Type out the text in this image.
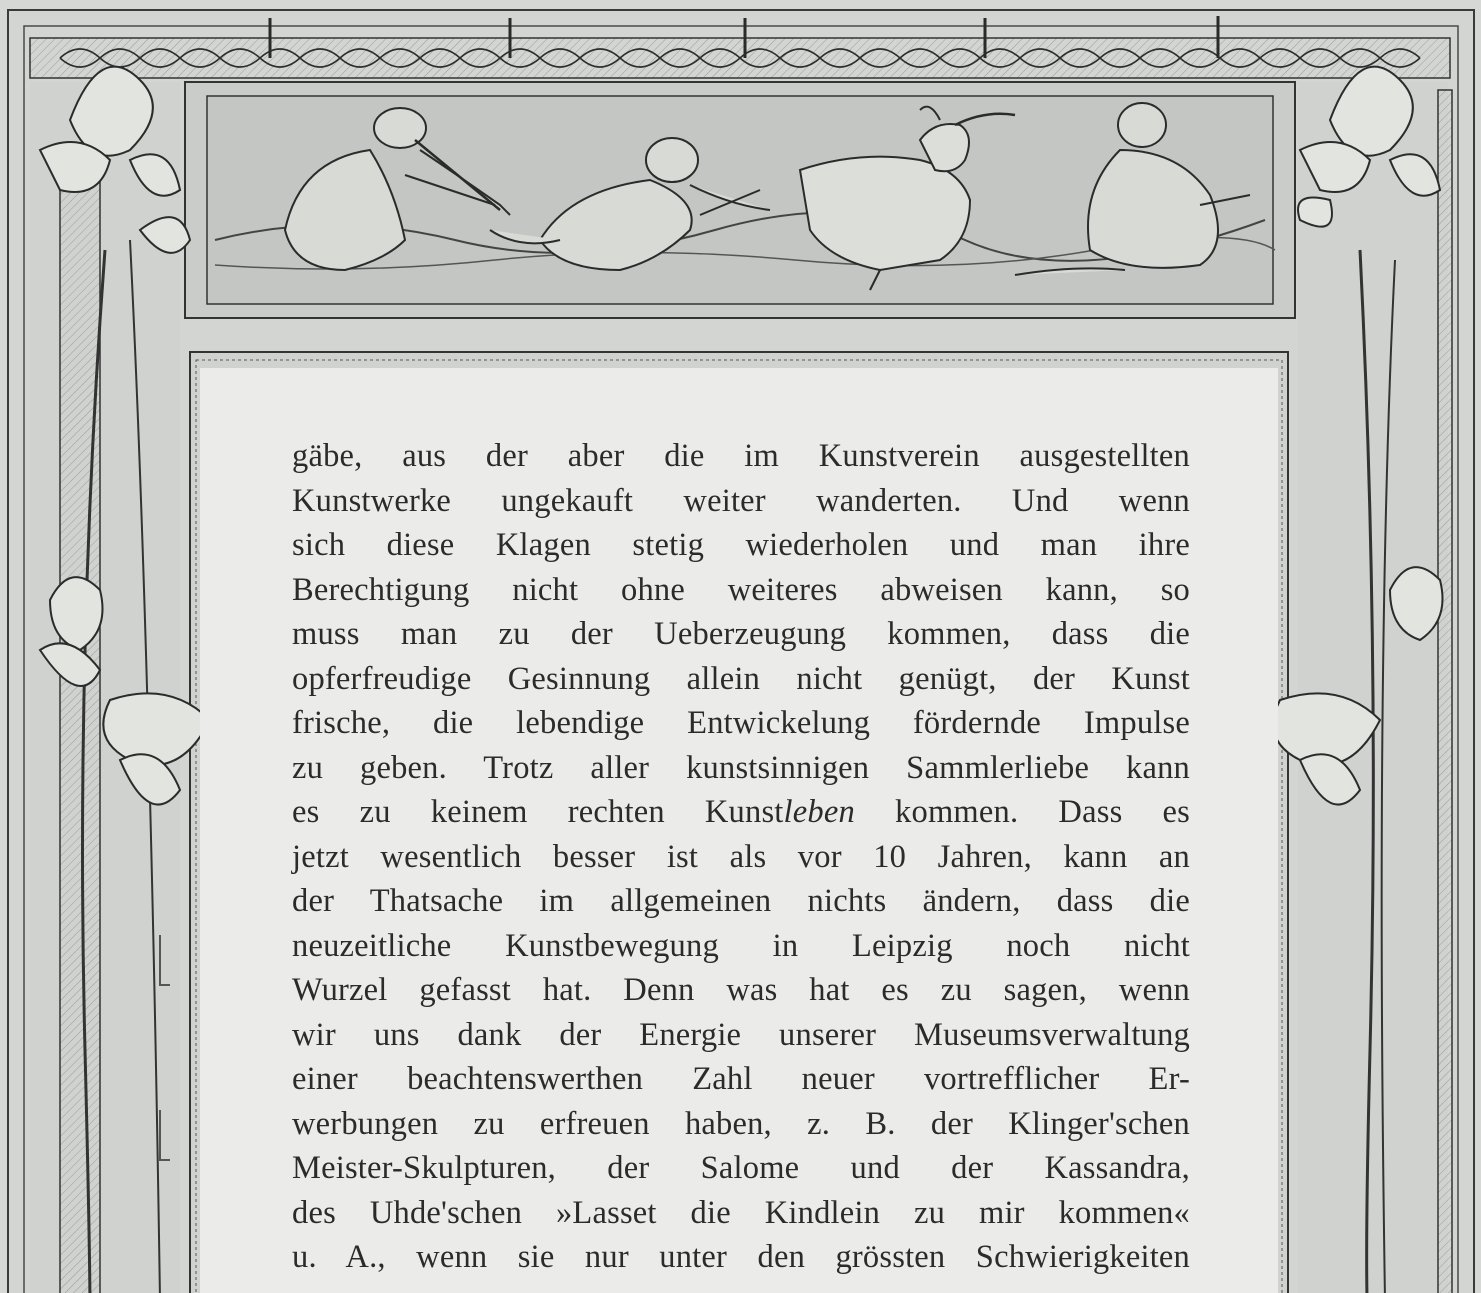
gäbe, aus der aber die im Kunstverein ausgestellten
Kunstwerke ungekauft weiter wanderten. Und wenn
sich diese Klagen stetig wiederholen und man ihre
Berechtigung nicht ohne weiteres abweisen kann, so
muss man zu der Ueberzeugung kommen, dass die
opferfreudige Gesinnung allein nicht genügt, der Kunst
frische, die lebendige Entwickelung fördernde Impulse
zu geben. Trotz aller kunstsinnigen Sammlerliebe kann
es zu keinem rechten Kunstleben kommen. Dass es
jetzt wesentlich besser ist als vor 10 Jahren, kann an
der Thatsache im allgemeinen nichts ändern, dass die
neuzeitliche Kunstbewegung in Leipzig noch nicht
Wurzel gefasst hat. Denn was hat es zu sagen, wenn
wir uns dank der Energie unserer Museumsverwaltung
einer beachtenswerthen Zahl neuer vortrefflicher Er-
werbungen zu erfreuen haben, z. B. der Klinger'schen
Meister-Skulpturen, der Salome und der Kassandra,
des Uhde'schen »Lasset die Kindlein zu mir kommen«
u. A., wenn sie nur unter den grössten Schwierigkeiten
